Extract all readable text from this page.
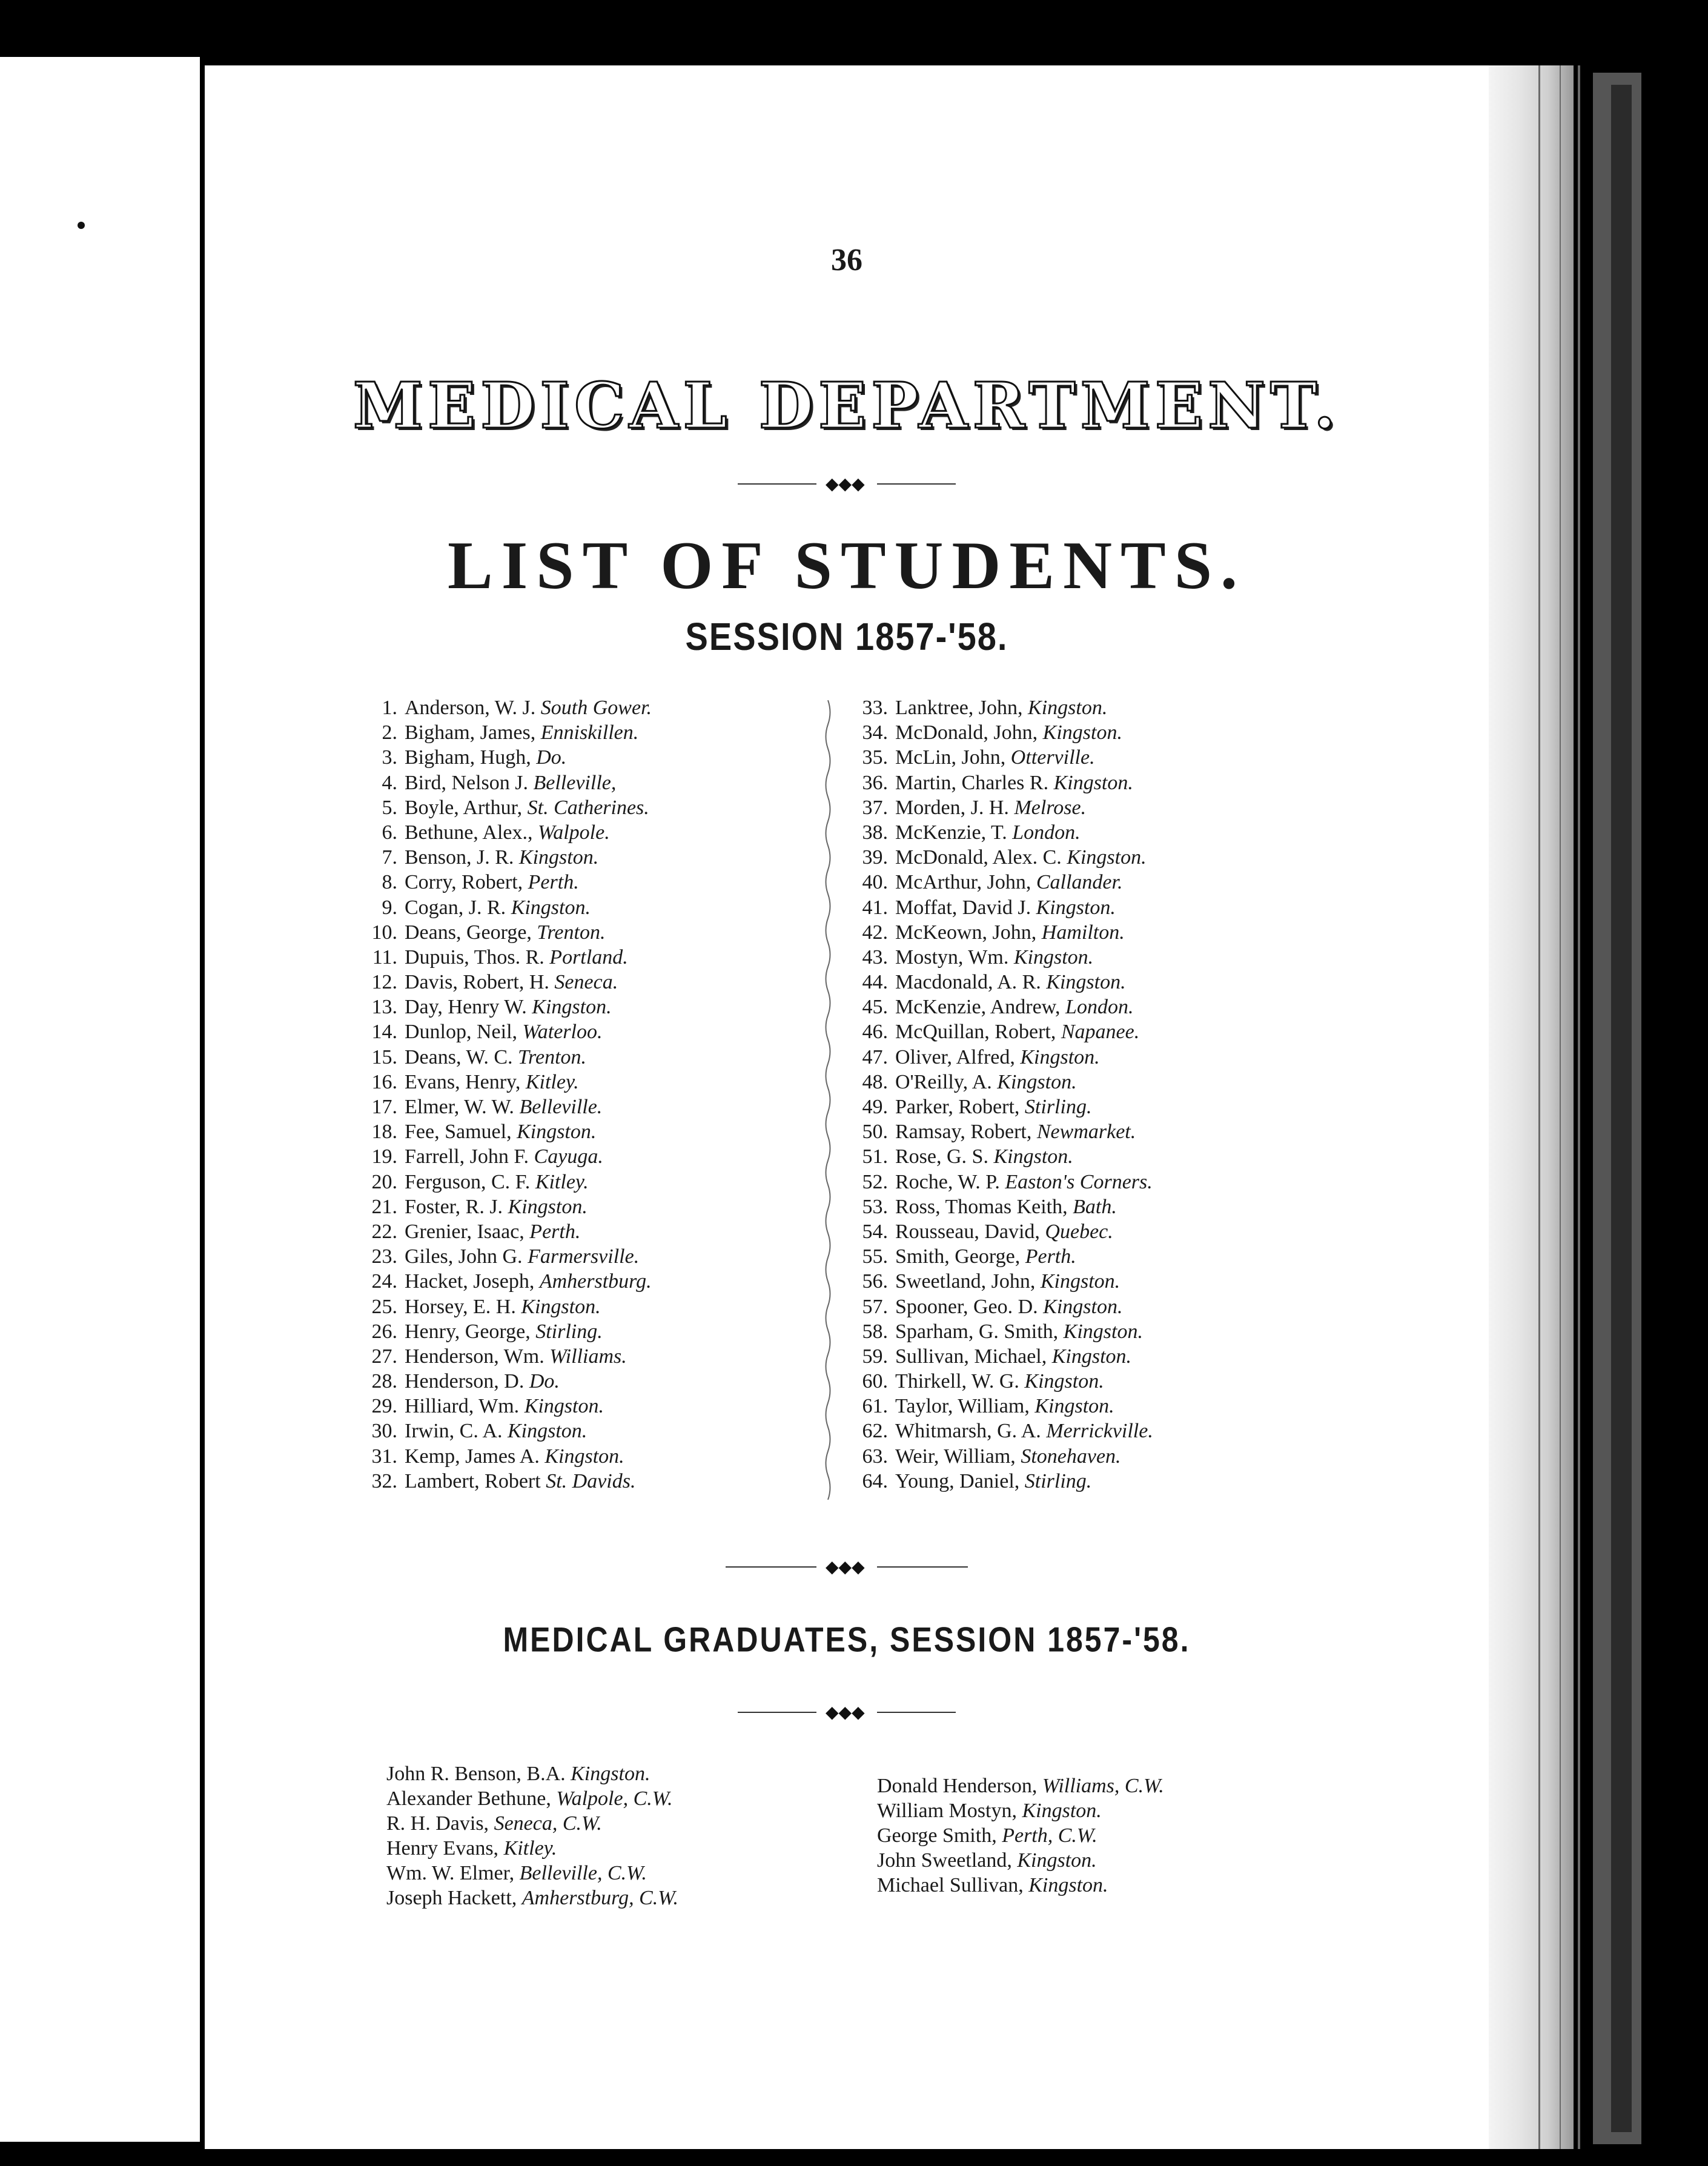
36
MEDICAL DEPARTMENT.
◆◆◆
LIST OF STUDENTS.
SESSION 1857-'58.
1. Anderson, W. J. South Gower.
2. Bigham, James, Enniskillen.
3. Bigham, Hugh, Do.
4. Bird, Nelson J. Belleville,
5. Boyle, Arthur, St. Catherines.
6. Bethune, Alex., Walpole.
7. Benson, J. R. Kingston.
8. Corry, Robert, Perth.
9. Cogan, J. R. Kingston.
10. Deans, George, Trenton.
11. Dupuis, Thos. R. Portland.
12. Davis, Robert, H. Seneca.
13. Day, Henry W. Kingston.
14. Dunlop, Neil, Waterloo.
15. Deans, W. C. Trenton.
16. Evans, Henry, Kitley.
17. Elmer, W. W. Belleville.
18. Fee, Samuel, Kingston.
19. Farrell, John F. Cayuga.
20. Ferguson, C. F. Kitley.
21. Foster, R. J. Kingston.
22. Grenier, Isaac, Perth.
23. Giles, John G. Farmersville.
24. Hacket, Joseph, Amherstburg.
25. Horsey, E. H. Kingston.
26. Henry, George, Stirling.
27. Henderson, Wm. Williams.
28. Henderson, D. Do.
29. Hilliard, Wm. Kingston.
30. Irwin, C. A. Kingston.
31. Kemp, James A. Kingston.
32. Lambert, Robert St. Davids.
33. Lanktree, John, Kingston.
34. McDonald, John, Kingston.
35. McLin, John, Otterville.
36. Martin, Charles R. Kingston.
37. Morden, J. H. Melrose.
38. McKenzie, T. London.
39. McDonald, Alex. C. Kingston.
40. McArthur, John, Callander.
41. Moffat, David J. Kingston.
42. McKeown, John, Hamilton.
43. Mostyn, Wm. Kingston.
44. Macdonald, A. R. Kingston.
45. McKenzie, Andrew, London.
46. McQuillan, Robert, Napanee.
47. Oliver, Alfred, Kingston.
48. O'Reilly, A. Kingston.
49. Parker, Robert, Stirling.
50. Ramsay, Robert, Newmarket.
51. Rose, G. S. Kingston.
52. Roche, W. P. Easton's Corners.
53. Ross, Thomas Keith, Bath.
54. Rousseau, David, Quebec.
55. Smith, George, Perth.
56. Sweetland, John, Kingston.
57. Spooner, Geo. D. Kingston.
58. Sparham, G. Smith, Kingston.
59. Sullivan, Michael, Kingston.
60. Thirkell, W. G. Kingston.
61. Taylor, William, Kingston.
62. Whitmarsh, G. A. Merrickville.
63. Weir, William, Stonehaven.
64. Young, Daniel, Stirling.
◆◆◆
MEDICAL GRADUATES, SESSION 1857-'58.
◆◆◆
John R. Benson, B.A. Kingston.
Alexander Bethune, Walpole, C.W.
R. H. Davis, Seneca, C.W.
Henry Evans, Kitley.
Wm. W. Elmer, Belleville, C.W.
Joseph Hackett, Amherstburg, C.W.
Donald Henderson, Williams, C.W.
William Mostyn, Kingston.
George Smith, Perth, C.W.
John Sweetland, Kingston.
Michael Sullivan, Kingston.
